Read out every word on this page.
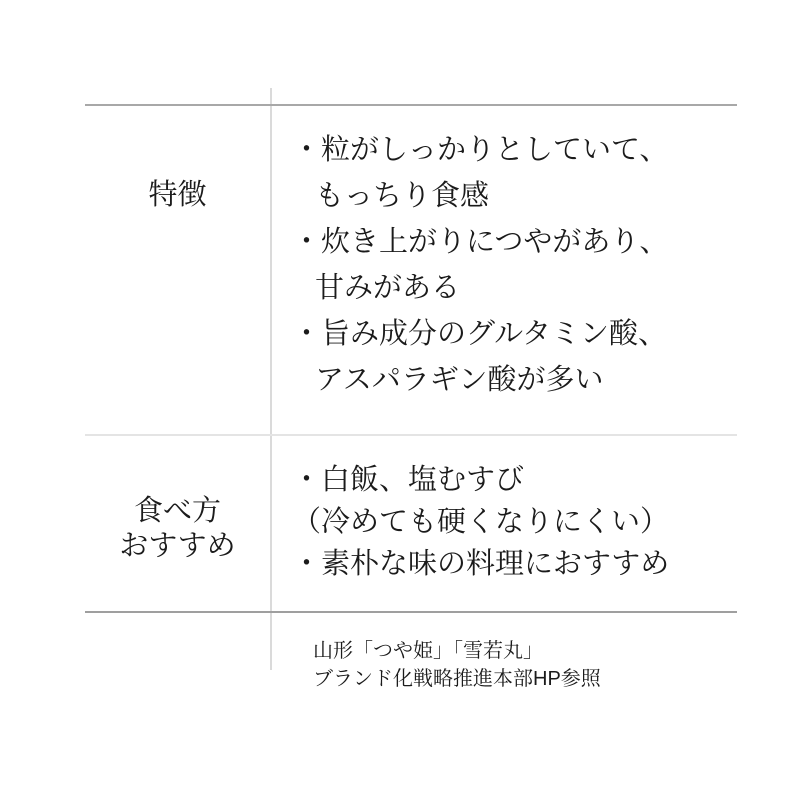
特徴
・粒がしっかりとしていて、
もっちり食感
・炊き上がりにつやがあり、
甘みがある
・旨み成分のグルタミン酸、
アスパラギン酸が多い
食べ方
おすすめ
・白飯、塩むすび
（冷めても硬くなりにくい）
・素朴な味の料理におすすめ
山形「つや姫」「雪若丸」
ブランド化戦略推進本部HP参照
